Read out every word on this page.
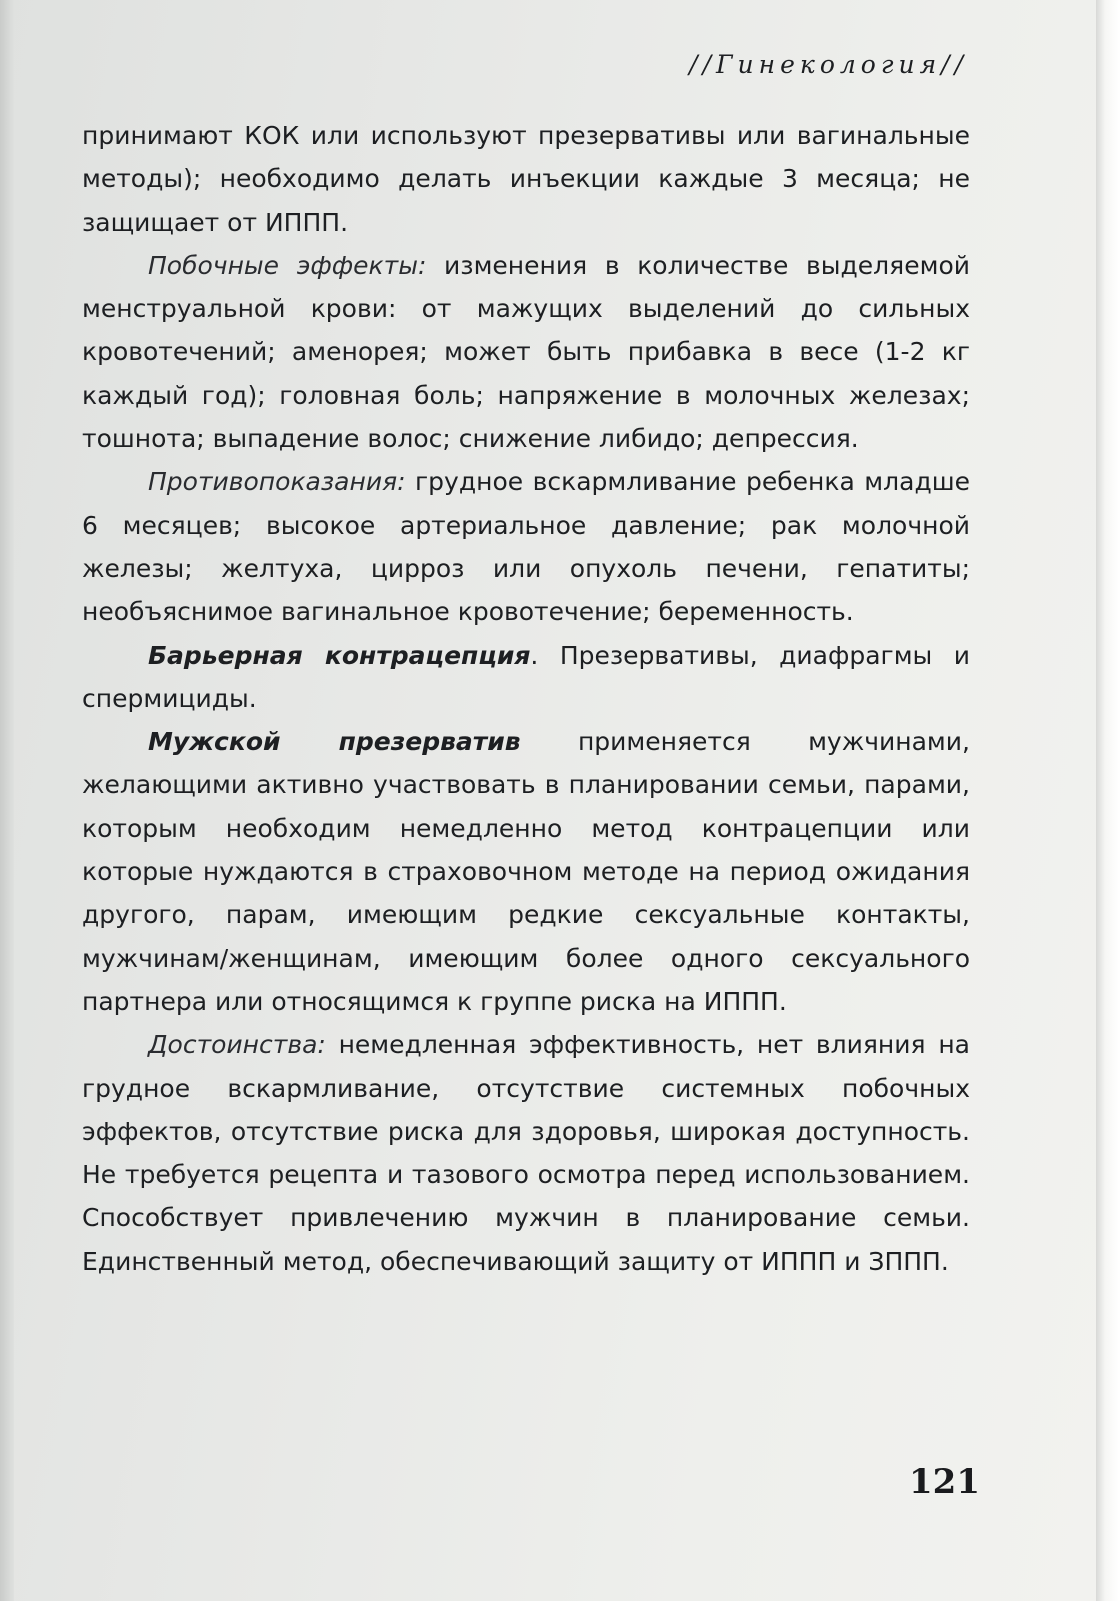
//Гинекология//

принимают КОК или используют презервативы или вагинальные методы); необходимо делать инъекции каждые 3 месяца; не защищает от ИППП.

Побочные эффекты: изменения в количестве выделяемой менструальной крови: от мажущих выделений до сильных кровотечений; аменорея; может быть прибавка в весе (1-2 кг каждый год); головная боль; напряжение в молочных железах; тошнота; выпадение волос; снижение либидо; депрессия.

Противопоказания: грудное вскармливание ребенка младше 6 месяцев; высокое артериальное давление; рак молочной железы; желтуха, цирроз или опухоль печени, гепатиты; необъяснимое вагинальное кровотечение; беременность.

Барьерная контрацепция. Презервативы, диафрагмы и спермициды.

Мужской презерватив применяется мужчинами, желающими активно участвовать в планировании семьи, парами, которым необходим немедленно метод контрацепции или которые нуждаются в страховочном методе на период ожидания другого, парам, имеющим редкие сексуальные контакты, мужчинам/женщинам, имеющим более одного сексуального партнера или относящимся к группе риска на ИППП.

Достоинства: немедленная эффективность, нет влияния на грудное вскармливание, отсутствие системных побочных эффектов, отсутствие риска для здоровья, широкая доступность. Не требуется рецепта и тазового осмотра перед использованием. Способствует привлечению мужчин в планирование семьи. Единственный метод, обеспечивающий защиту от ИППП и ЗППП.

121
